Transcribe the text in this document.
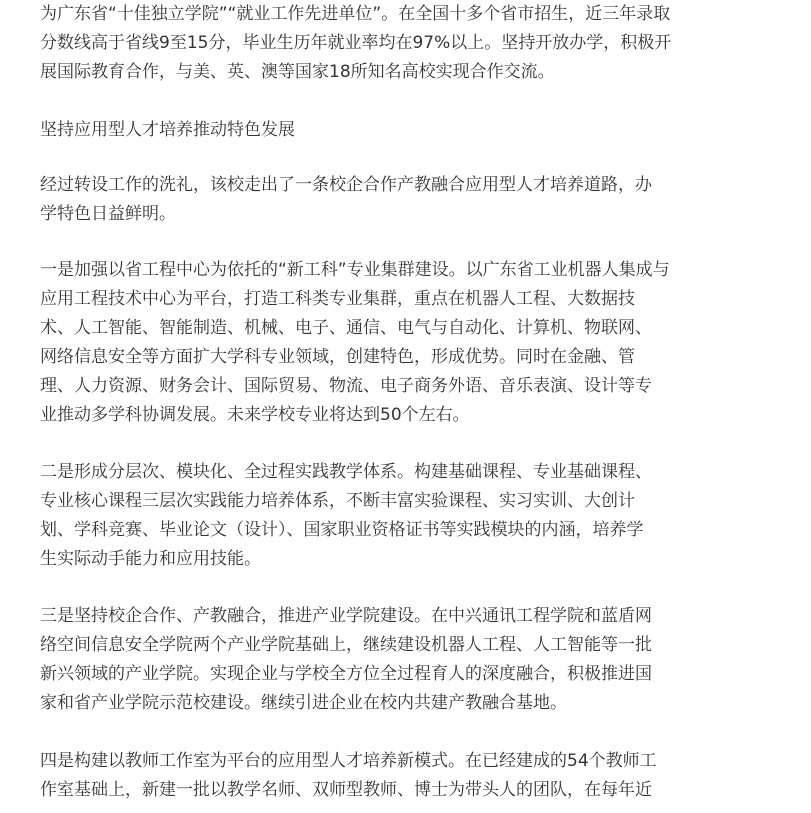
为广东省“十佳独立学院”“就业工作先进单位”。在全国十多个省市招生，近三年录取
分数线高于省线9至15分，毕业生历年就业率均在97%以上。坚持开放办学，积极开
展国际教育合作，与美、英、澳等国家18所知名高校实现合作交流。
坚持应用型人才培养推动特色发展
经过转设工作的洗礼，该校走出了一条校企合作产教融合应用型人才培养道路，办
学特色日益鲜明。
一是加强以省工程中心为依托的“新工科”专业集群建设。以广东省工业机器人集成与
应用工程技术中心为平台，打造工科类专业集群，重点在机器人工程、大数据技
术、人工智能、智能制造、机械、电子、通信、电气与自动化、计算机、物联网、
网络信息安全等方面扩大学科专业领域，创建特色，形成优势。同时在金融、管
理、人力资源、财务会计、国际贸易、物流、电子商务外语、音乐表演、设计等专
业推动多学科协调发展。未来学校专业将达到50个左右。
二是形成分层次、模块化、全过程实践教学体系。构建基础课程、专业基础课程、
专业核心课程三层次实践能力培养体系，不断丰富实验课程、实习实训、大创计
划、学科竞赛、毕业论文（设计）、国家职业资格证书等实践模块的内涵，培养学
生实际动手能力和应用技能。
三是坚持校企合作、产教融合，推进产业学院建设。在中兴通讯工程学院和蓝盾网
络空间信息安全学院两个产业学院基础上，继续建设机器人工程、人工智能等一批
新兴领域的产业学院。实现企业与学校全方位全过程育人的深度融合，积极推进国
家和省产业学院示范校建设。继续引进企业在校内共建产教融合基地。
四是构建以教师工作室为平台的应用型人才培养新模式。在已经建成的54个教师工
作室基础上，新建一批以教学名师、双师型教师、博士为带头人的团队，在每年近
